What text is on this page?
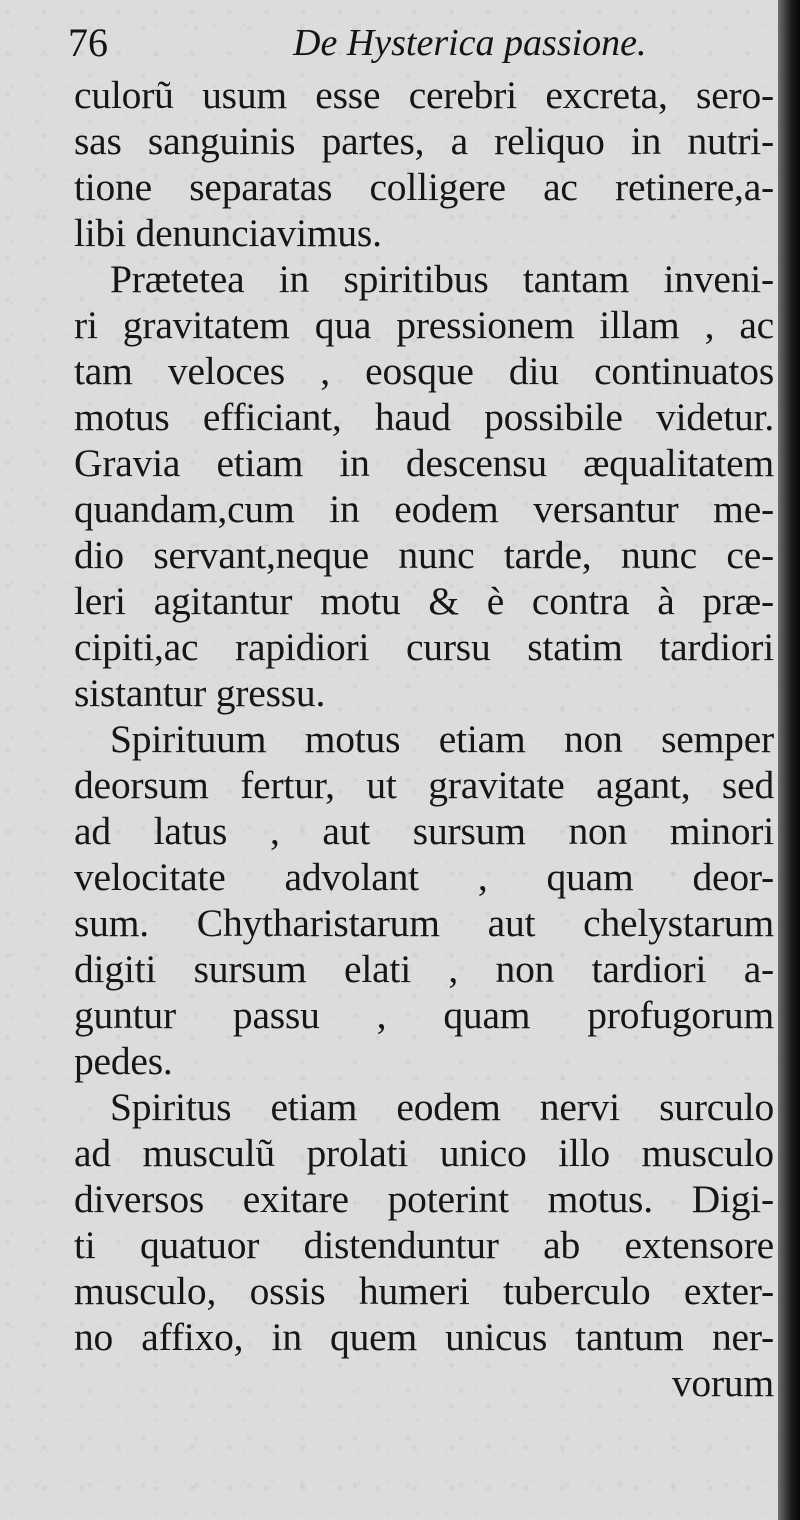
76	De Hysterica passione.
culorũ usum esse cerebri excreta, sero-
sas sanguinis partes, a reliquo in nutri-
tione separatas colligere ac retinere,a-
libi denunciavimus.
Prætetea in spiritibus tantam inveni-
ri gravitatem qua pressionem illam , ac
tam veloces , eosque diu continuatos
motus efficiant, haud possibile videtur.
Gravia etiam in descensu æqualitatem
quandam,cum in eodem versantur me-
dio servant,neque nunc tarde, nunc ce-
leri agitantur motu & è contra à præ-
cipiti,ac rapidiori cursu statim tardiori
sistantur gressu.
Spirituum motus etiam non semper
deorsum fertur, ut gravitate agant, sed
ad latus , aut sursum non minori
velocitate advolant , quam deor-
sum. Chytharistarum aut chelystarum
digiti sursum elati , non tardiori a-
guntur passu , quam profugorum
pedes.
Spiritus etiam eodem nervi surculo
ad musculũ prolati unico illo musculo
diversos exitare poterint motus. Digi-
ti quatuor distenduntur ab extensore
musculo, ossis humeri tuberculo exter-
no affixo, in quem unicus tantum ner-
vorum
